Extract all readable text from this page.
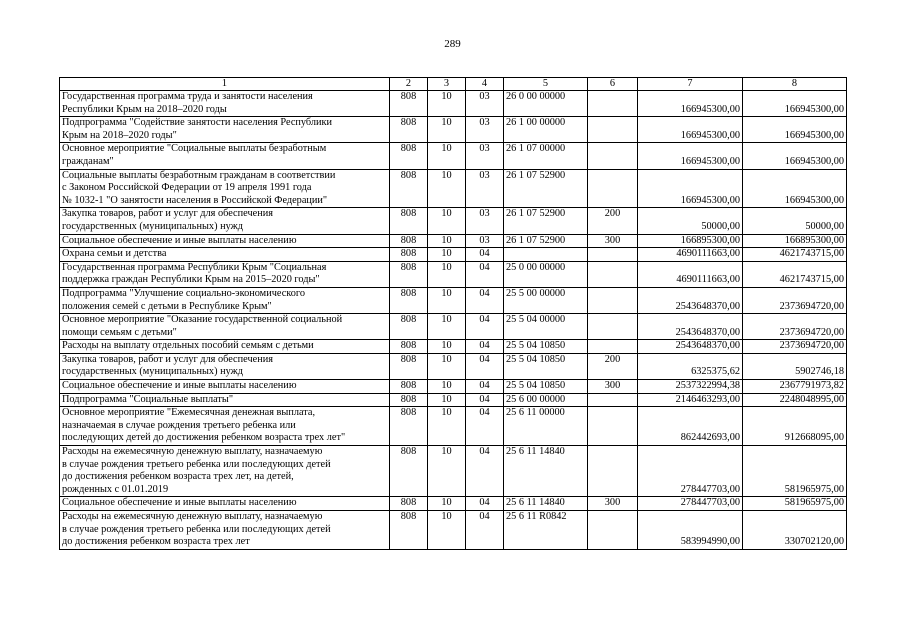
289
1	2	3	4	5	6	7	8
Государственная программа труда и занятости населения
Республики Крым на 2018–2020 годы	808	10	03	26 0 00 00000		166945300,00	166945300,00
Подпрограмма "Содействие занятости населения Республики
Крым на 2018–2020 годы"	808	10	03	26 1 00 00000		166945300,00	166945300,00
Основное мероприятие "Социальные выплаты безработным
гражданам"	808	10	03	26 1 07 00000		166945300,00	166945300,00
Социальные выплаты безработным гражданам в соответствии
с Законом Российской Федерации от 19 апреля 1991 года
№ 1032-1 "О занятости населения в Российской Федерации"	808	10	03	26 1 07 52900		166945300,00	166945300,00
Закупка товаров, работ и услуг для обеспечения
государственных (муниципальных) нужд	808	10	03	26 1 07 52900	200	50000,00	50000,00
Социальное обеспечение и иные выплаты населению	808	10	03	26 1 07 52900	300	166895300,00	166895300,00
Охрана семьи и детства	808	10	04			4690111663,00	4621743715,00
Государственная программа Республики Крым "Социальная
поддержка граждан Республики Крым на 2015–2020 годы"	808	10	04	25 0 00 00000		4690111663,00	4621743715,00
Подпрограмма "Улучшение социально-экономического
положения семей с детьми в Республике Крым"	808	10	04	25 5 00 00000		2543648370,00	2373694720,00
Основное мероприятие "Оказание государственной социальной
помощи семьям с детьми"	808	10	04	25 5 04 00000		2543648370,00	2373694720,00
Расходы на выплату отдельных пособий семьям с детьми	808	10	04	25 5 04 10850		2543648370,00	2373694720,00
Закупка товаров, работ и услуг для обеспечения
государственных (муниципальных) нужд	808	10	04	25 5 04 10850	200	6325375,62	5902746,18
Социальное обеспечение и иные выплаты населению	808	10	04	25 5 04 10850	300	2537322994,38	2367791973,82
Подпрограмма "Социальные выплаты"	808	10	04	25 6 00 00000		2146463293,00	2248048995,00
Основное мероприятие "Ежемесячная денежная выплата,
назначаемая в случае рождения третьего ребенка или
последующих детей до достижения ребенком возраста трех лет"	808	10	04	25 6 11 00000		862442693,00	912668095,00
Расходы на ежемесячную денежную выплату, назначаемую
в случае рождения третьего ребенка или последующих детей
до достижения ребенком возраста трех лет, на детей,
рожденных с 01.01.2019	808	10	04	25 6 11 14840		278447703,00	581965975,00
Социальное обеспечение и иные выплаты населению	808	10	04	25 6 11 14840	300	278447703,00	581965975,00
Расходы на ежемесячную денежную выплату, назначаемую
в случае рождения третьего ребенка или последующих детей
до достижения ребенком возраста трех лет	808	10	04	25 6 11 R0842		583994990,00	330702120,00
